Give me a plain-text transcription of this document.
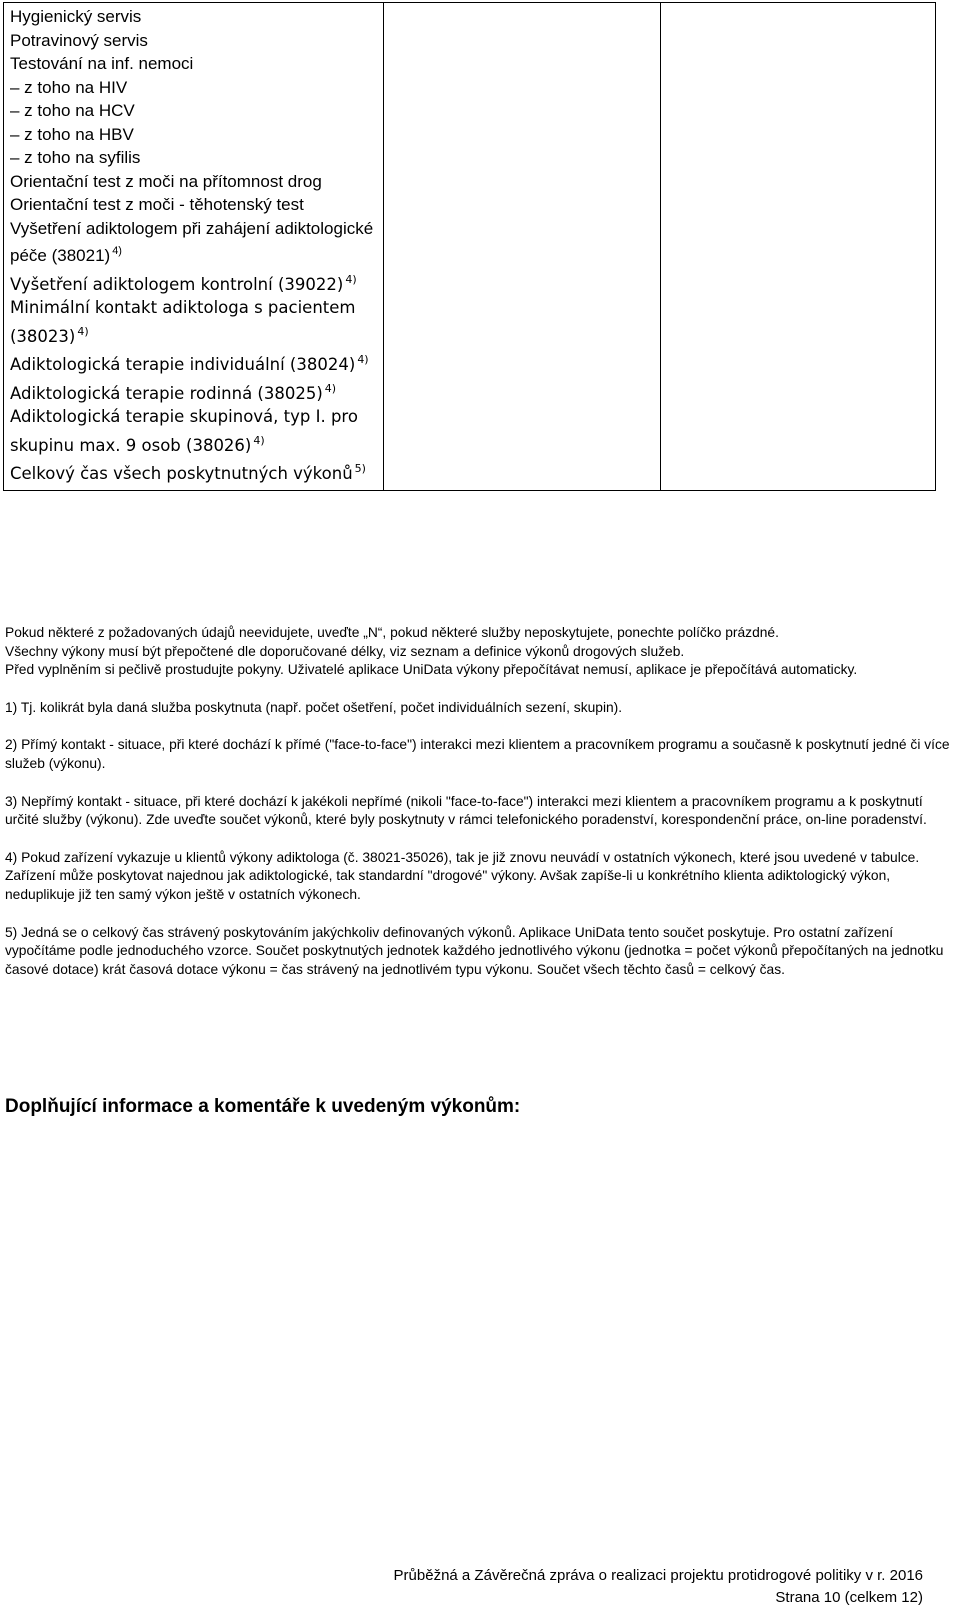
Hygienický servis
Potravinový servis
Testování na inf. nemoci
– z toho na HIV
– z toho na HCV
– z toho na HBV
– z toho na syfilis
Orientační test z moči na přítomnost drog
Orientační test z moči - těhotenský test
Vyšetření adiktologem při zahájení adiktologické péče (38021) $^{4)}$
Vyšetření adiktologem kontrolní (39022) $^{4)}$
Minimální kontakt adiktologa s pacientem (38023) $^{4)}$
Adiktologická terapie individuální (38024) $^{4)}$
Adiktologická terapie rodinná (38025) $^{4)}$
Adiktologická terapie skupinová, typ I. pro skupinu max. 9 osob (38026) $^{4)}$
Celkový čas všech poskytnutných výkonů $^{5)}$

Pokud některé z požadovaných údajů neevidujete, uveďte „N“, pokud některé služby neposkytujete, ponechte políčko prázdné.
Všechny výkony musí být přepočtené dle doporučované délky, viz seznam a definice výkonů drogových služeb.
Před vyplněním si pečlivě prostudujte pokyny. Uživatelé aplikace UniData výkony přepočítávat nemusí, aplikace je přepočítává automaticky.

1) Tj. kolikrát byla daná služba poskytnuta (např. počet ošetření, počet individuálních sezení, skupin).

2) Přímý kontakt - situace, při které dochází k přímé ("face-to-face") interakci mezi klientem a pracovníkem programu a současně k poskytnutí jedné či více služeb (výkonu).

3) Nepřímý kontakt - situace, při které dochází k jakékoli nepřímé (nikoli "face-to-face") interakci mezi klientem a pracovníkem programu a k poskytnutí určité služby (výkonu). Zde uveďte součet výkonů, které byly poskytnuty v rámci telefonického poradenství, korespondenční práce, on-line poradenství.

4) Pokud zařízení vykazuje u klientů výkony adiktologa (č. 38021-35026), tak je již znovu neuvádí v ostatních výkonech, které jsou uvedené v tabulce. Zařízení může poskytovat najednou jak adiktologické, tak standardní "drogové" výkony. Avšak zapíše-li u konkrétního klienta adiktologický výkon, neduplikuje již ten samý výkon ještě v ostatních výkonech.

5) Jedná se o celkový čas strávený poskytováním jakýchkoliv definovaných výkonů. Aplikace UniData tento součet poskytuje. Pro ostatní zařízení vypočítáme podle jednoduchého vzorce. Součet poskytnutých jednotek každého jednotlivého výkonu (jednotka = počet výkonů přepočítaných na jednotku časové dotace) krát časová dotace výkonu = čas strávený na jednotlivém typu výkonu. Součet všech těchto časů = celkový čas.

Doplňující informace a komentáře k uvedeným výkonům:
Průběžná a Závěrečná zpráva o realizaci projektu protidrogové politiky v r. 2016
Strana 10 (celkem 12)
